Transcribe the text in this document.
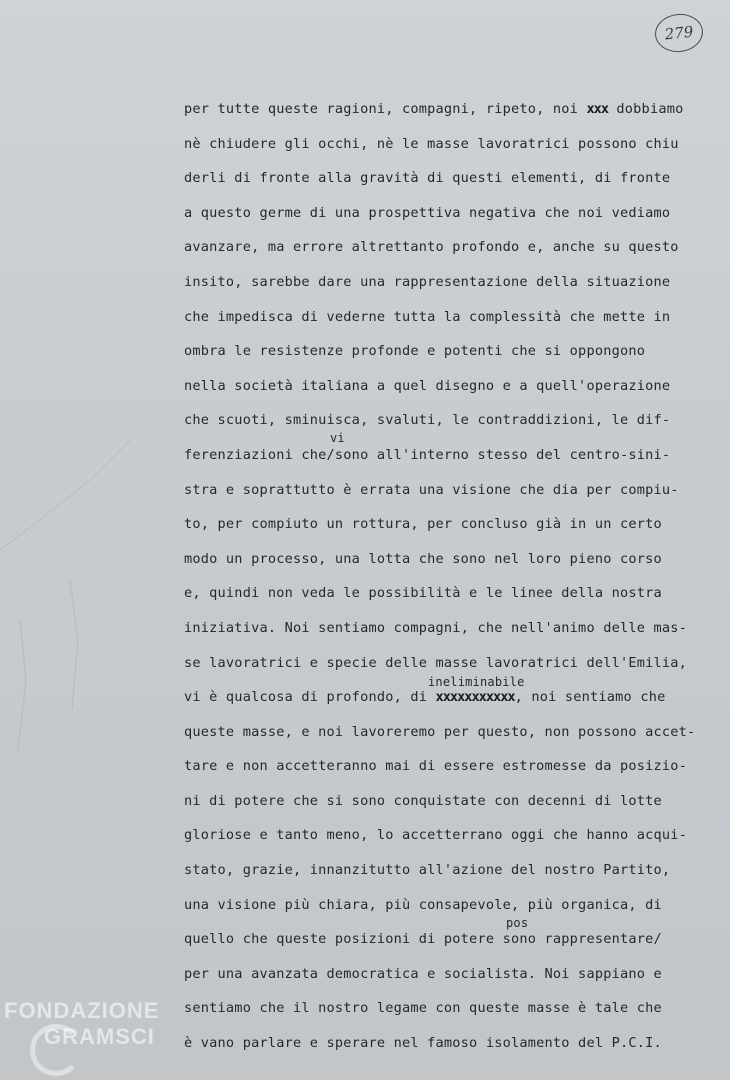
279
per tutte queste ragioni, compagni, ripeto, noi xxx dobbiamo
nè chiudere gli occhi, nè le masse lavoratrici possono chiu
derli di fronte alla gravità di questi elementi, di fronte
a questo germe di una prospettiva negativa che noi vediamo
avanzare, ma errore altrettanto profondo e, anche su questo
insito, sarebbe dare una rappresentazione della situazione
che impedisca di vederne tutta la complessità che mette in
ombra le resistenze profonde e potenti che si oppongono
nella società italiana a quel disegno e a quell'operazione
che scuoti, sminuisca, svaluti, le contraddizioni, le dif-
vi
ferenziazioni che/sono all'interno stesso del centro-sini-
stra e soprattutto è errata una visione che dia per compiu-
to, per compiuto un rottura, per concluso già in un certo
modo un processo, una lotta che sono nel loro pieno corso
e, quindi non veda le possibilità e le linee della nostra
iniziativa. Noi sentiamo compagni, che nell'animo delle mas-
se lavoratrici e specie delle masse lavoratrici dell'Emilia,
ineliminabile
vi è qualcosa di profondo, di xxxxxxxxxxx, noi sentiamo che
queste masse, e noi lavoreremo per questo, non possono accet-
tare e non accetteranno mai di essere estromesse da posizio-
ni di potere che si sono conquistate con decenni di lotte
gloriose e tanto meno, lo accetterrano oggi che hanno acqui-
stato, grazie, innanzitutto all'azione del nostro Partito,
una visione più chiara, più consapevole, più organica, di
pos
quello che queste posizioni di potere sono rappresentare/
per una avanzata democratica e socialista. Noi sappiano e
sentiamo che il nostro legame con queste masse è tale che
è vano parlare e sperare nel famoso isolamento del P.C.I.
FONDAZIONE
GRAMSCI
